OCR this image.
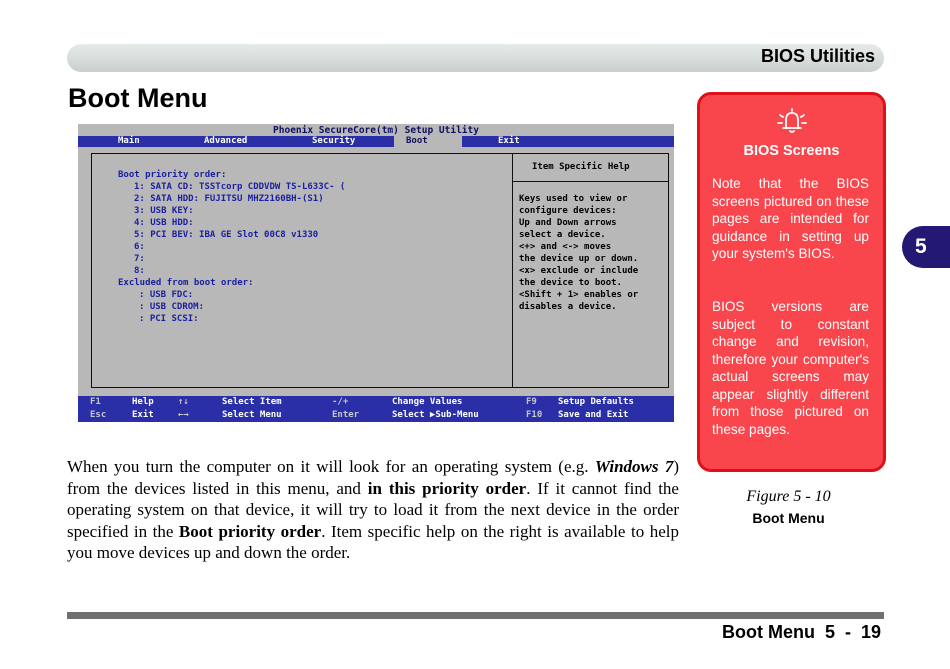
BIOS Utilities
Boot Menu
Phoenix SecureCore(tm) Setup Utility
Main	Advanced	Security	Boot	Exit
Boot priority order:
1: SATA CD: TSSTcorp CDDVDW TS-L633C- (
2: SATA HDD: FUJITSU MHZ2160BH-(S1)
3: USB KEY:
4: USB HDD:
5: PCI BEV: IBA GE Slot 00C8 v1330
6:
7:
8:
Excluded from boot order:
: USB FDC:
: USB CDROM:
: PCI SCSI:
Item Specific Help
Keys used to view or
configure devices:
Up and Down arrows
select a device.
<+> and <-> moves
the device up or down.
<x> exclude or include
the device to boot.
<Shift + 1> enables or
disables a device.
F1	Help	↑↓	Select Item	-/+	Change Values	F9 Setup Defaults
Esc	Exit	←→	Select Menu	Enter	Select ▶Sub-Menu	F10 Save and Exit

When you turn the computer on it will look for an operating system (e.g. Windows 7) from the devices listed in this menu, and in this priority order. If it cannot find the operating system on that device, it will try to load it from the next device in the order specified in the Boot priority order. Item specific help on the right is available to help you move devices up and down the order.

BIOS Screens

Note that the BIOS screens pictured on these pages are intended for guidance in setting up your system's BIOS.

BIOS versions are subject to constant change and revision, therefore your computer's actual screens may appear slightly different from those pictured on these pages.

Figure 5 - 10
Boot Menu
5
Boot Menu 5  -  19
